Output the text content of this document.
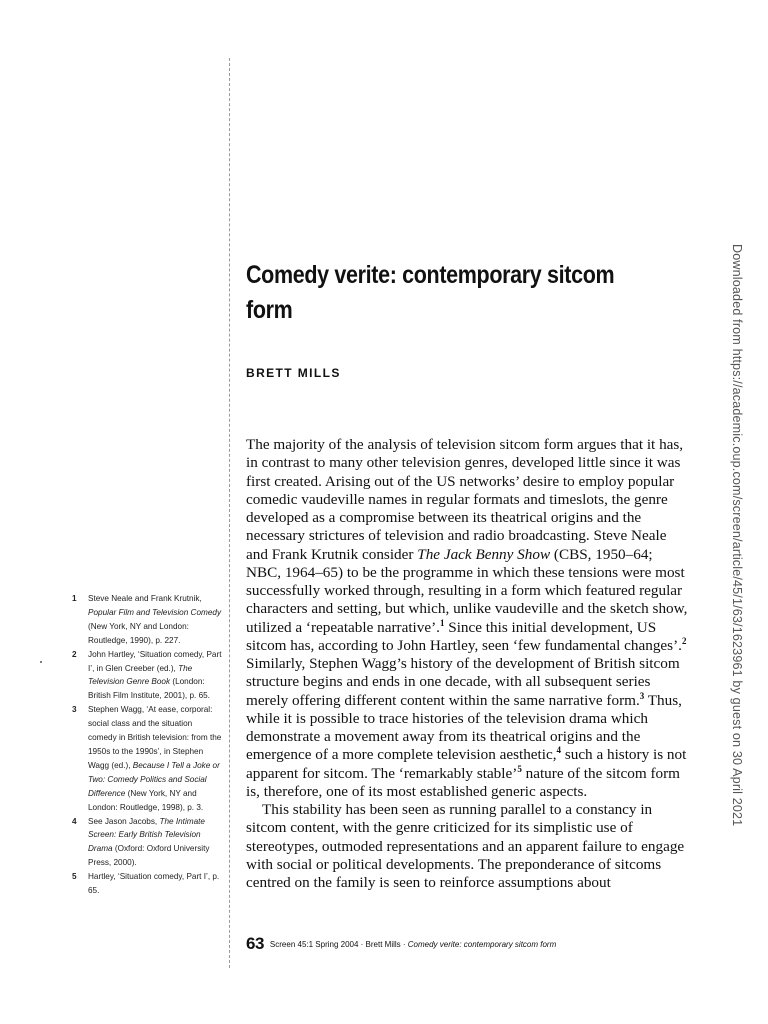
Comedy verite: contemporary sitcom form
BRETT MILLS

The majority of the analysis of television sitcom form argues that it has, in contrast to many other television genres, developed little since it was first created. Arising out of the US networks’ desire to employ popular comedic vaudeville names in regular formats and timeslots, the genre developed as a compromise between its theatrical origins and the necessary strictures of television and radio broadcasting. Steve Neale and Frank Krutnik consider The Jack Benny Show (CBS, 1950–64; NBC, 1964–65) to be the programme in which these tensions were most successfully worked through, resulting in a form which featured regular characters and setting, but which, unlike vaudeville and the sketch show, utilized a ‘repeatable narrative’.$^1$ Since this initial development, US sitcom has, according to John Hartley, seen ‘few fundamental changes’.$^2$ Similarly, Stephen Wagg’s history of the development of British sitcom structure begins and ends in one decade, with all subsequent series merely offering different content within the same narrative form.$^3$ Thus, while it is possible to trace histories of the television drama which demonstrate a movement away from its theatrical origins and the emergence of a more complete television aesthetic,$^4$ such a history is not apparent for sitcom. The ‘remarkably stable’$^5$ nature of the sitcom form is, therefore, one of its most established generic aspects.

This stability has been seen as running parallel to a constancy in sitcom content, with the genre criticized for its simplistic use of stereotypes, outmoded representations and an apparent failure to engage with social or political developments. The preponderance of sitcoms centred on the family is seen to reinforce assumptions about

1 Steve Neale and Frank Krutnik, Popular Film and Television Comedy (New York, NY and London: Routledge, 1990), p. 227.
2 John Hartley, ‘Situation comedy, Part I’, in Glen Creeber (ed.), The Television Genre Book (London: British Film Institute, 2001), p. 65.
3 Stephen Wagg, ‘At ease, corporal: social class and the situation comedy in British television: from the 1950s to the 1990s’, in Stephen Wagg (ed.), Because I Tell a Joke or Two: Comedy Politics and Social Difference (New York, NY and London: Routledge, 1998), p. 3.
4 See Jason Jacobs, The Intimate Screen: Early British Television Drama (Oxford: Oxford University Press, 2000).
5 Hartley, ‘Situation comedy, Part I’, p. 65.
63 Screen 45:1 Spring 2004 · Brett Mills · Comedy verite: contemporary sitcom form
Downloaded from https://academic.oup.com/screen/article/45/1/63/1623961 by guest on 30 April 2021
